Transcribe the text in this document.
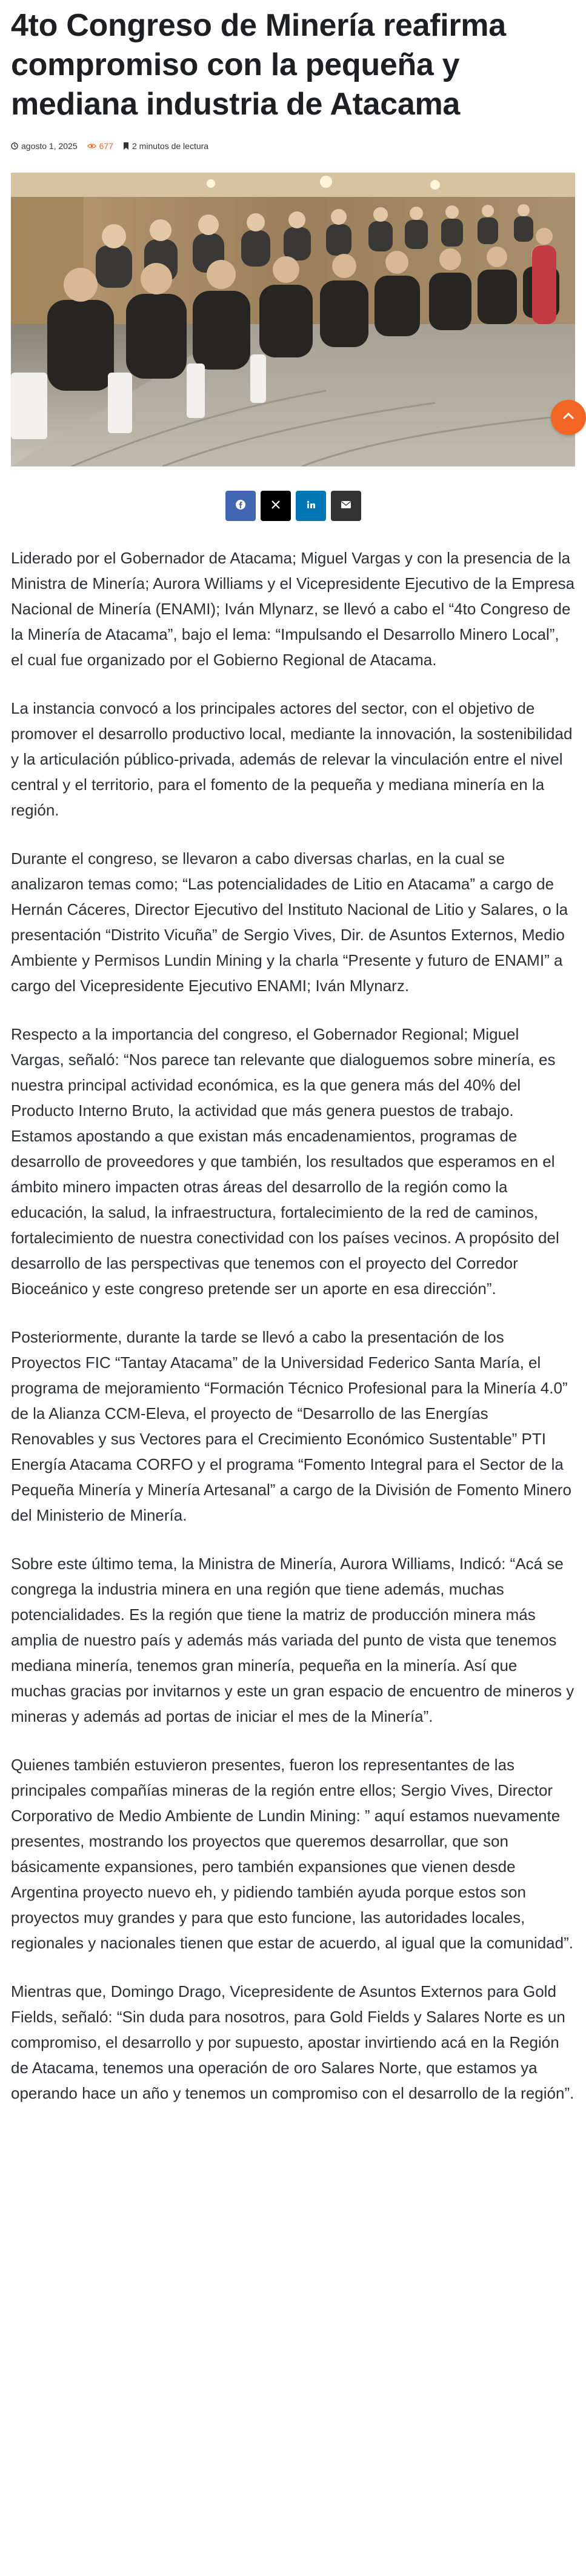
4to Congreso de Minería reafirma compromiso con la pequeña y mediana industria de Atacama
agosto 1, 2025	677 2 minutos de lectura

Liderado por el Gobernador de Atacama; Miguel Vargas y con la presencia de la Ministra de Minería; Aurora Williams y el Vicepresidente Ejecutivo de la Empresa Nacional de Minería (ENAMI); Iván Mlynarz, se llevó a cabo el “4to Congreso de la Minería de Atacama”, bajo el lema: “Impulsando el Desarrollo Minero Local”, el cual fue organizado por el Gobierno Regional de Atacama.

La instancia convocó a los principales actores del sector, con el objetivo de promover el desarrollo productivo local, mediante la innovación, la sostenibilidad y la articulación público-privada, además de relevar la vinculación entre el nivel central y el territorio, para el fomento de la pequeña y mediana minería en la región.

Durante el congreso, se llevaron a cabo diversas charlas, en la cual se analizaron temas como; “Las potencialidades de Litio en Atacama” a cargo de Hernán Cáceres, Director Ejecutivo del Instituto Nacional de Litio y Salares, o la presentación “Distrito Vicuña” de Sergio Vives, Dir. de Asuntos Externos, Medio Ambiente y Permisos Lundin Mining y la charla “Presente y futuro de ENAMI” a cargo del Vicepresidente Ejecutivo ENAMI; Iván Mlynarz.

Respecto a la importancia del congreso, el Gobernador Regional; Miguel Vargas, señaló: “Nos parece tan relevante que dialoguemos sobre minería, es nuestra principal actividad económica, es la que genera más del 40% del Producto Interno Bruto, la actividad que más genera puestos de trabajo. Estamos apostando a que existan más encadenamientos, programas de desarrollo de proveedores y que también, los resultados que esperamos en el ámbito minero impacten otras áreas del desarrollo de la región como la educación, la salud, la infraestructura, fortalecimiento de la red de caminos, fortalecimiento de nuestra conectividad con los países vecinos. A propósito del desarrollo de las perspectivas que tenemos con el proyecto del Corredor Bioceánico y este congreso pretende ser un aporte en esa dirección”.

Posteriormente, durante la tarde se llevó a cabo la presentación de los Proyectos FIC “Tantay Atacama” de la Universidad Federico Santa María, el programa de mejoramiento “Formación Técnico Profesional para la Minería 4.0” de la Alianza CCM-Eleva, el proyecto de “Desarrollo de las Energías Renovables y sus Vectores para el Crecimiento Económico Sustentable” PTI Energía Atacama CORFO y el programa “Fomento Integral para el Sector de la Pequeña Minería y Minería Artesanal” a cargo de la División de Fomento Minero del Ministerio de Minería.

Sobre este último tema, la Ministra de Minería, Aurora Williams, Indicó: “Acá se congrega la industria minera en una región que tiene además, muchas potencialidades. Es la región que tiene la matriz de producción minera más amplia de nuestro país y además más variada del punto de vista que tenemos mediana minería, tenemos gran minería, pequeña en la minería. Así que muchas gracias por invitarnos y este un gran espacio de encuentro de mineros y mineras y además ad portas de iniciar el mes de la Minería”.

Quienes también estuvieron presentes, fueron los representantes de las principales compañías mineras de la región entre ellos; Sergio Vives, Director Corporativo de Medio Ambiente de Lundin Mining: ” aquí estamos nuevamente presentes, mostrando los proyectos que queremos desarrollar, que son básicamente expansiones, pero también expansiones que vienen desde Argentina proyecto nuevo eh, y pidiendo también ayuda porque estos son proyectos muy grandes y para que esto funcione, las autoridades locales, regionales y nacionales tienen que estar de acuerdo, al igual que la comunidad”.

Mientras que, Domingo Drago, Vicepresidente de Asuntos Externos para Gold Fields, señaló: “Sin duda para nosotros, para Gold Fields y Salares Norte es un compromiso, el desarrollo y por supuesto, apostar invirtiendo acá en la Región de Atacama, tenemos una operación de oro Salares Norte, que estamos ya operando hace un año y tenemos un compromiso con el desarrollo de la región”.
